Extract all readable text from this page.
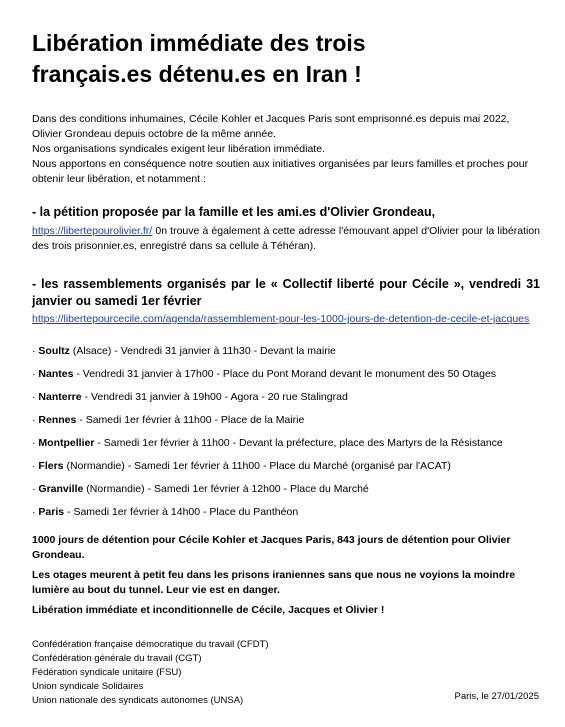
Libération immédiate des trois
français.es détenu.es en Iran !

Dans des conditions inhumaines, Cécile Kohler et Jacques Paris sont emprisonné.es depuis mai 2022, Olivier Grondeau depuis octobre de la même année.

Nos organisations syndicales exigent leur libération immédiate.

Nous apportons en conséquence notre soutien aux initiatives organisées par leurs familles et proches pour obtenir leur libération, et notamment :

- la pétition proposée par la famille et les ami.es d'Olivier Grondeau,
https://libertepourolivier.fr/ 0n trouve à également à cette adresse l'émouvant appel d'Olivier pour la libération des trois prisonnier.es, enregistré dans sa cellule à Téhéran).
- les rassemblements organisés par le « Collectif liberté pour Cécile », vendredi 31 janvier ou samedi 1er février
https://libertepourcecile.com/agenda/rassemblement-pour-les-1000-jours-de-detention-de-cecile-et-jacques
· Soultz (Alsace) - Vendredi 31 janvier à 11h30 - Devant la mairie
· Nantes - Vendredi 31 janvier à 17h00 - Place du Pont Morand devant le monument des 50 Otages
· Nanterre - Vendredi 31 janvier à 19h00 - Agora - 20 rue Stalingrad
· Rennes - Samedi 1er février à 11h00 - Place de la Mairie
· Montpellier - Samedi 1er février à 11h00 - Devant la préfecture, place des Martyrs de la Résistance
· Flers (Normandie) - Samedi 1er février à 11h00 - Place du Marché (organisé par l'ACAT)
· Granville (Normandie) - Samedi 1er février à 12h00 - Place du Marché
· Paris - Samedi 1er février à 14h00 - Place du Panthéon

1000 jours de détention pour Cécile Kohler et Jacques Paris, 843 jours de détention pour Olivier Grondeau.

Les otages meurent à petit feu dans les prisons iraniennes sans que nous ne voyions la moindre lumière au bout du tunnel. Leur vie est en danger.

Libération immédiate et inconditionnelle de Cécile, Jacques et Olivier !

Confédération française démocratique du travail (CFDT)
Confédération générale du travail (CGT)
Fédération syndicale unitaire (FSU)
Union syndicale Solidaires
Union nationale des syndicats autonomes (UNSA)	Paris, le 27/01/2025
